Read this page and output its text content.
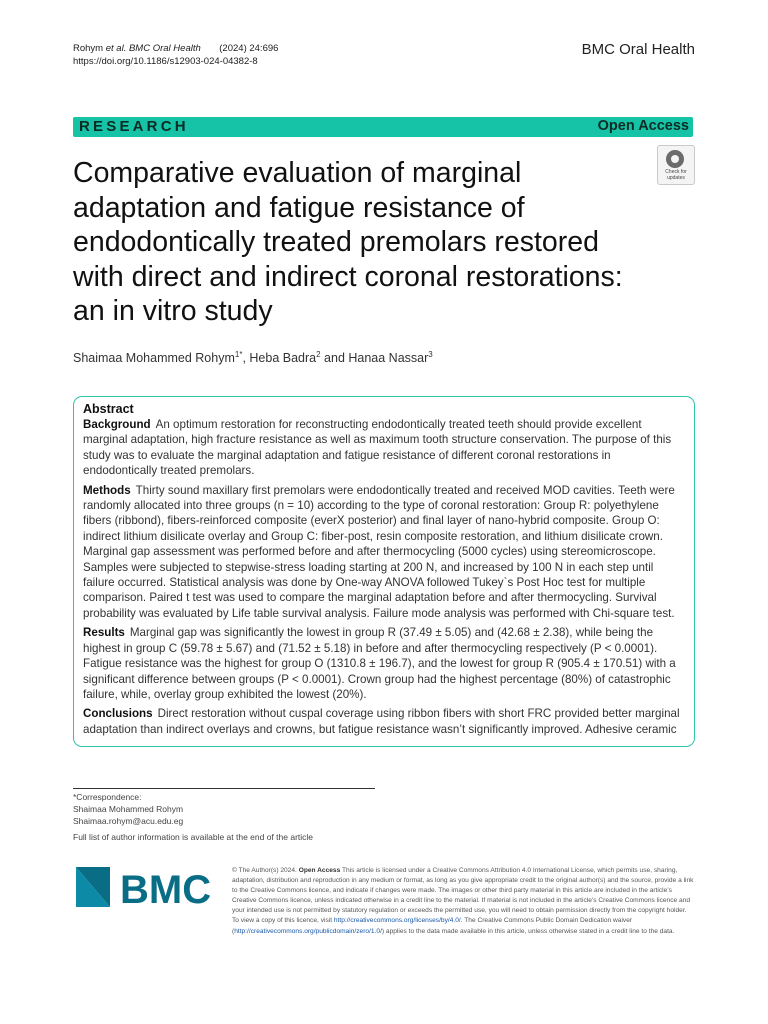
Rohym et al. BMC Oral Health (2024) 24:696
https://doi.org/10.1186/s12903-024-04382-8
BMC Oral Health
RESEARCH	Open Access
Comparative evaluation of marginal adaptation and fatigue resistance of endodontically treated premolars restored with direct and indirect coronal restorations: an in vitro study
Check for
updates
Shaimaa Mohammed Rohym$^{1*}$, Heba Badra$^2$ and Hanaa Nassar$^3$
Abstract

Background An optimum restoration for reconstructing endodontically treated teeth should provide excellent marginal adaptation, high fracture resistance as well as maximum tooth structure conservation. The purpose of this study was to evaluate the marginal adaptation and fatigue resistance of different coronal restorations in endodontically treated premolars.

Methods Thirty sound maxillary first premolars were endodontically treated and received MOD cavities. Teeth were randomly allocated into three groups (n = 10) according to the type of coronal restoration: Group R: polyethylene fibers (ribbond), fibers-reinforced composite (everX posterior) and final layer of nano-hybrid composite. Group O: indirect lithium disilicate overlay and Group C: fiber-post, resin composite restoration, and lithium disilicate crown. Marginal gap assessment was performed before and after thermocycling (5000 cycles) using stereomicroscope. Samples were subjected to stepwise-stress loading starting at 200 N, and increased by 100 N in each step until failure occurred. Statistical analysis was done by One-way ANOVA followed Tukey`s Post Hoc test for multiple comparison. Paired t test was used to compare the marginal adaptation before and after thermocycling. Survival probability was evaluated by Life table survival analysis. Failure mode analysis was performed with Chi-square test.

Results Marginal gap was significantly the lowest in group R (37.49 ± 5.05) and (42.68 ± 2.38), while being the highest in group C (59.78 ± 5.67) and (71.52 ± 5.18) in before and after thermocycling respectively (P < 0.0001). Fatigue resistance was the highest for group O (1310.8 ± 196.7), and the lowest for group R (905.4 ± 170.51) with a significant difference between groups (P < 0.0001). Crown group had the highest percentage (80%) of catastrophic failure, while, overlay group exhibited the lowest (20%).

Conclusions Direct restoration without cuspal coverage using ribbon fibers with short FRC provided better marginal adaptation than indirect overlays and crowns, but fatigue resistance wasn’t significantly improved. Adhesive ceramic

*Correspondence:
Shaimaa Mohammed Rohym
Shaimaa.rohym@acu.edu.eg
Full list of author information is available at the end of the article
BMC	© The Author(s) 2024. Open Access This article is licensed under a Creative Commons Attribution 4.0 International License, which permits use, sharing, adaptation, distribution and reproduction in any medium or format, as long as you give appropriate credit to the original author(s) and the source, provide a link to the Creative Commons licence, and indicate if changes were made. The images or other third party material in this article are included in the article’s Creative Commons licence, unless indicated otherwise in a credit line to the material. If material is not included in the article’s Creative Commons licence and your intended use is not permitted by statutory regulation or exceeds the permitted use, you will need to obtain permission directly from the copyright holder. To view a copy of this licence, visit http://creativecommons.org/licenses/by/4.0/. The Creative Commons Public Domain Dedication waiver (http://creativecommons.org/publicdomain/zero/1.0/) applies to the data made available in this article, unless otherwise stated in a credit line to the data.
